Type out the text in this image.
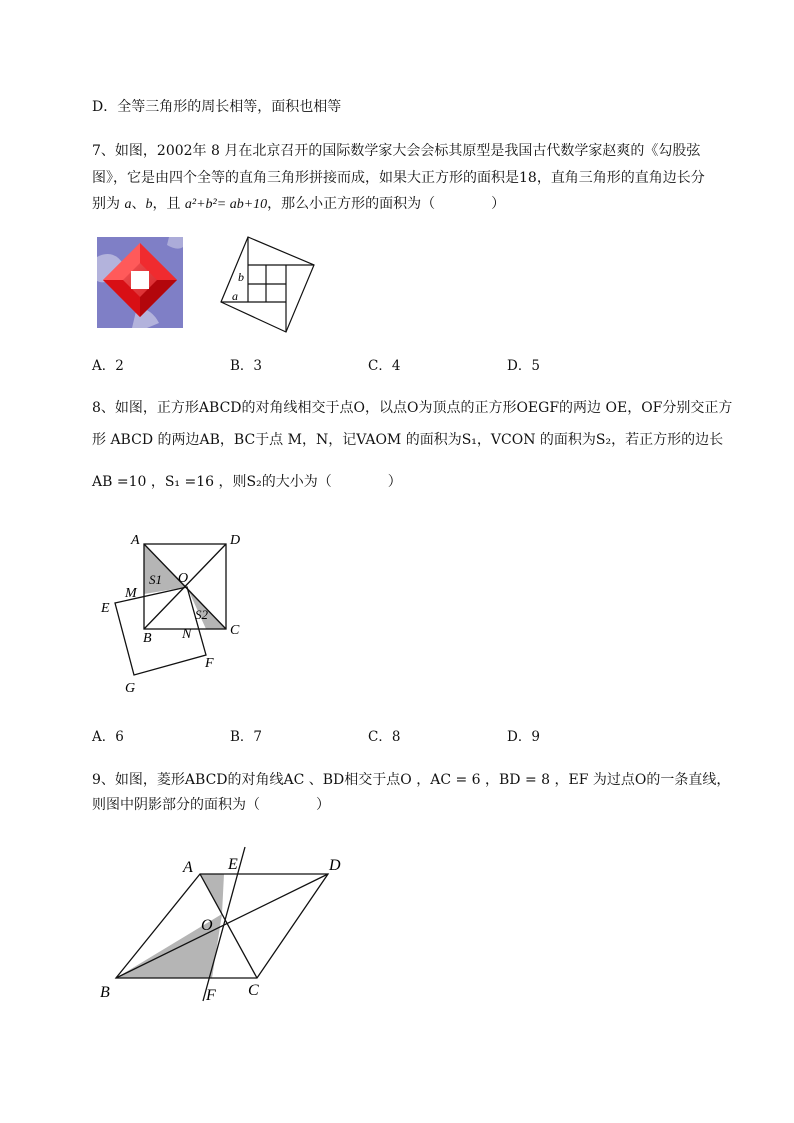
D．全等三角形的周长相等，面积也相等
7、如图，2002年 8 月在北京召开的国际数学家大会会标其原型是我国古代数学家赵爽的《勾股弦
图》，它是由四个全等的直角三角形拼接而成，如果大正方形的面积是18，直角三角形的直角边长分
别为 a、b，且 a²+b²= ab+10，那么小正方形的面积为（　　　　）
b
a
A．2	B．3	C．4	D．5
8、如图，正方形ABCD的对角线相交于点O，以点O为顶点的正方形OEGF的两边 OE，OF分别交正方
形 ABCD 的两边AB，BC于点 M，N，记VAOM 的面积为S₁，VCON 的面积为S₂，若正方形的边长
AB =10 ，S₁ =16 ，则S₂的大小为（　　　　）
A	D
O
S1
S2
M
E
B N	C
F
G
A．6	B．7	C．8	D．9
9、如图，菱形ABCD的对角线AC 、BD相交于点O ，AC = 6 ，BD = 8 ，EF 为过点O的一条直线，
则图中阴影部分的面积为（　　　　）
A E	D
O
B	F C
